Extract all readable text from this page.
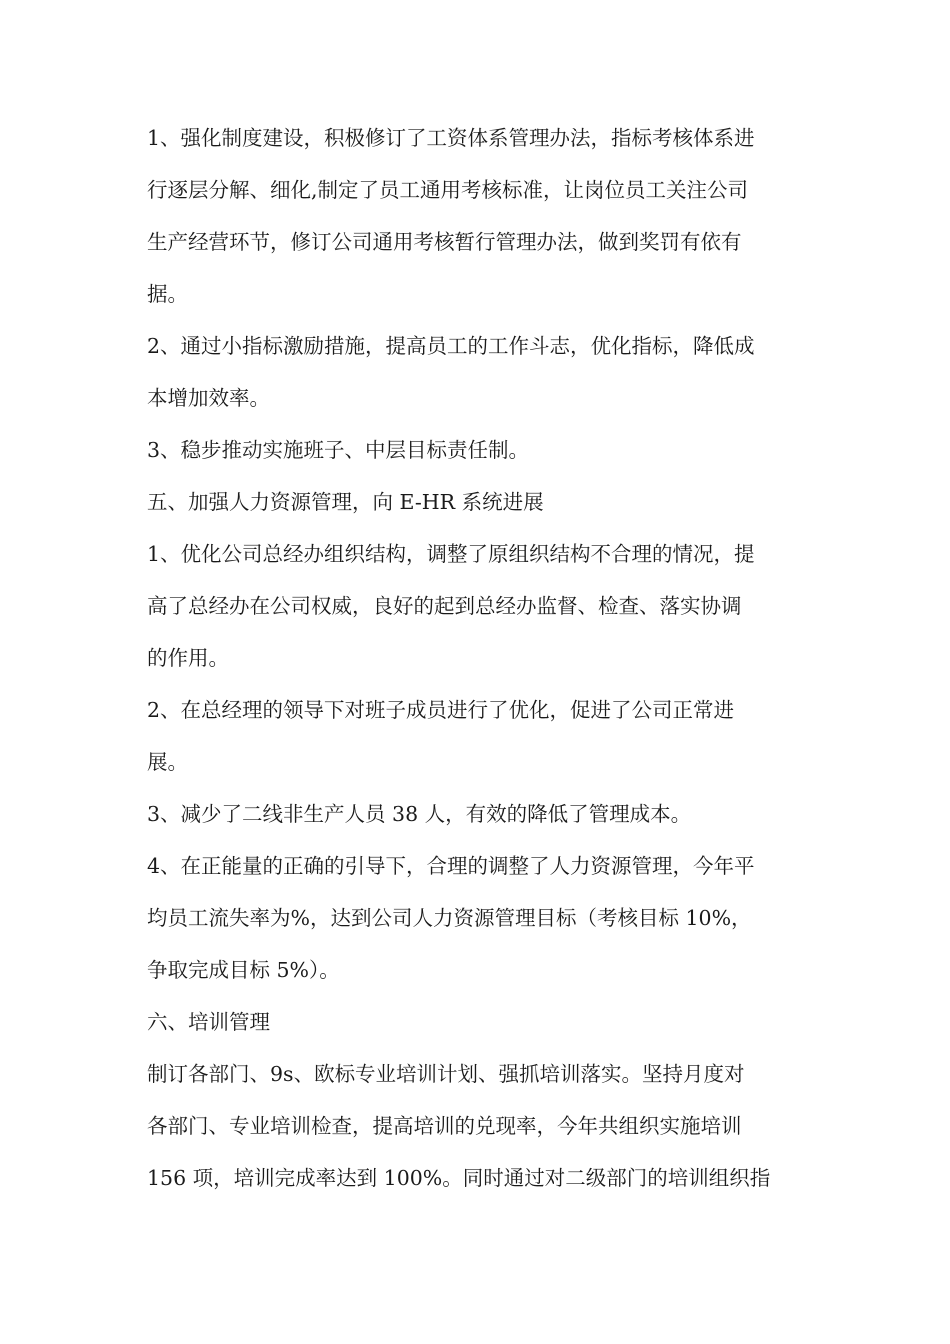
1、强化制度建设，积极修订了工资体系管理办法，指标考核体系进

行逐层分解、细化,制定了员工通用考核标准，让岗位员工关注公司

生产经营环节，修订公司通用考核暂行管理办法，做到奖罚有依有

据。

2、通过小指标激励措施，提高员工的工作斗志，优化指标，降低成

本增加效率。

3、稳步推动实施班子、中层目标责任制。

五、加强人力资源管理，向 E-HR 系统进展

1、优化公司总经办组织结构，调整了原组织结构不合理的情况，提

高了总经办在公司权威，良好的起到总经办监督、检查、落实协调

的作用。

2、在总经理的领导下对班子成员进行了优化，促进了公司正常进

展。

3、减少了二线非生产人员 38 人，有效的降低了管理成本。

4、在正能量的正确的引导下，合理的调整了人力资源管理，今年平

均员工流失率为%，达到公司人力资源管理目标（考核目标 10%，

争取完成目标 5%）。

六、培训管理

制订各部门、9s、欧标专业培训计划、强抓培训落实。坚持月度对

各部门、专业培训检查，提高培训的兑现率，今年共组织实施培训

156 项，培训完成率达到 100%。同时通过对二级部门的培训组织指
